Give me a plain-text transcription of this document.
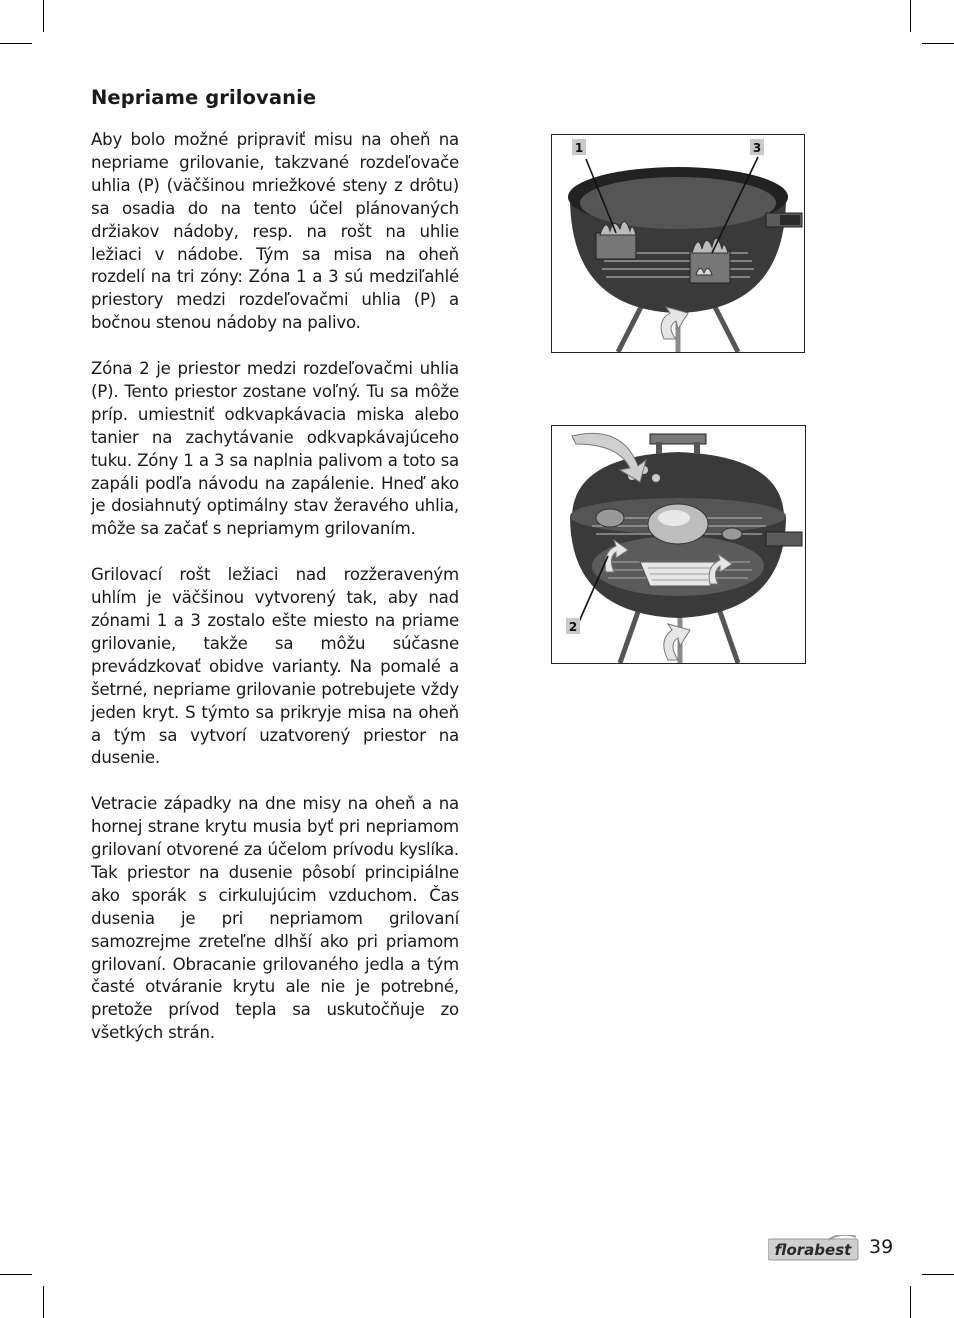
Nepriame grilovanie

Aby bolo možné pripraviť misu na oheň na nepriame grilovanie, takzvané rozdeľovače uhlia (P) (väčšinou mriežkové steny z drôtu) sa osadia do na tento účel plánovaných držiakov nádoby, resp. na rošt na uhlie ležiaci v nádobe. Tým sa misa na oheň rozdelí na tri zóny: Zóna 1 a 3 sú medziľahlé priestory medzi rozdeľovačmi uhlia (P) a bočnou stenou nádoby na palivo.

Zóna 2 je priestor medzi rozdeľovačmi uhlia (P). Tento priestor zostane voľný. Tu sa môže príp. umiestniť odkvapkávacia miska alebo tanier na zachytávanie odkvapkávajúceho tuku. Zóny 1 a 3 sa naplnia palivom a toto sa zapáli podľa návodu na zapálenie. Hneď ako je dosiahnutý optimálny stav žeravého uhlia, môže sa začať s nepriamym grilovaním.

Grilovací rošt ležiaci nad rozžeraveným uhlím je väčšinou vytvorený tak, aby nad zónami 1 a 3 zostalo ešte miesto na priame grilovanie, takže sa môžu súčasne prevádzkovať obidve varianty. Na pomalé a šetrné, nepriame grilovanie potrebujete vždy jeden kryt. S týmto sa prikryje misa na oheň a tým sa vytvorí uzatvorený priestor na dusenie.

Vetracie západky na dne misy na oheň a na hornej strane krytu musia byť pri nepriamom grilovaní otvorené za účelom prívodu kyslíka. Tak priestor na dusenie pôsobí principiálne ako sporák s cirkulujúcim vzduchom. Čas dusenia je pri nepriamom grilovaní samozrejme zreteľne dlhší ako pri priamom grilovaní. Obracanie grilovaného jedla a tým časté otváranie krytu ale nie je potrebné, pretože prívod tepla sa uskutočňuje zo všetkých strán.

1	3
2
florabest 39
